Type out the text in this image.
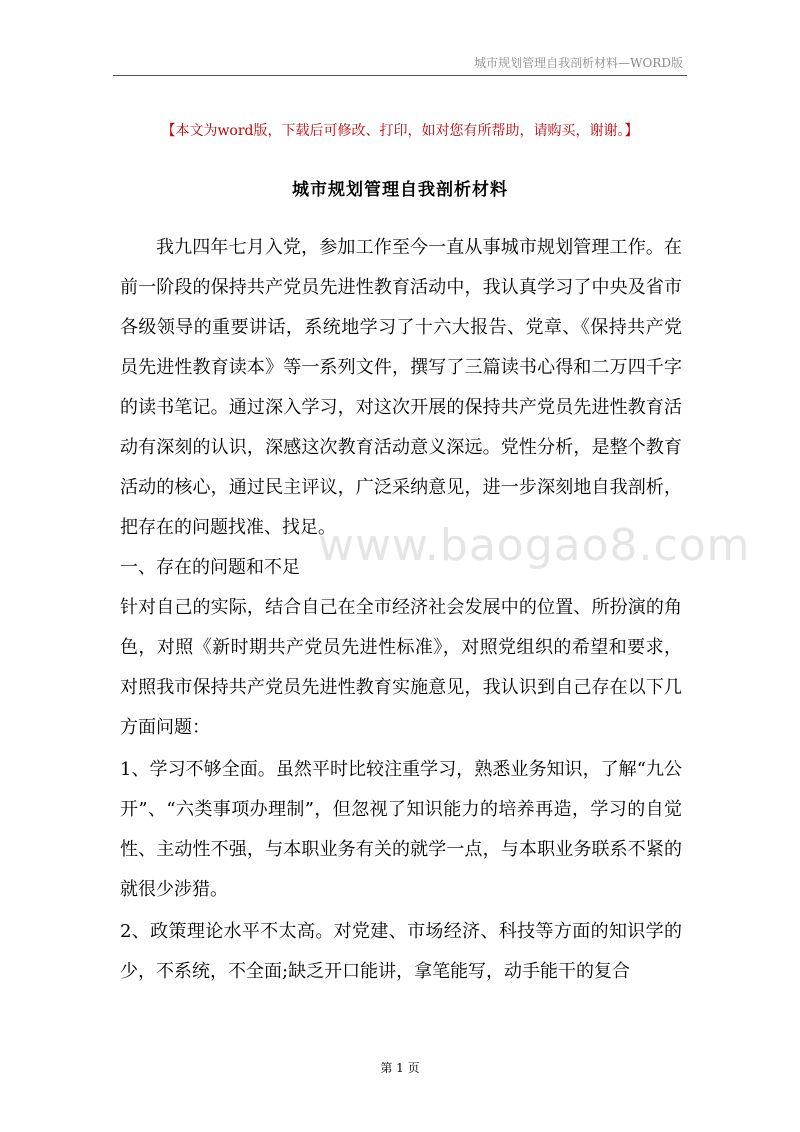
城市规划管理自我剖析材料—WORD版
【本文为word版，下载后可修改、打印，如对您有所帮助，请购买，谢谢。】
城市规划管理自我剖析材料

我九四年七月入党，参加工作至今一直从事城市规划管理工作。在前一阶段的保持共产党员先进性教育活动中，我认真学习了中央及省市各级领导的重要讲话，系统地学习了十六大报告、党章、《保持共产党员先进性教育读本》等一系列文件，撰写了三篇读书心得和二万四千字的读书笔记。通过深入学习，对这次开展的保持共产党员先进性教育活动有深刻的认识，深感这次教育活动意义深远。党性分析，是整个教育活动的核心，通过民主评议，广泛采纳意见，进一步深刻地自我剖析，把存在的问题找准、找足。

一、存在的问题和不足

针对自己的实际，结合自己在全市经济社会发展中的位置、所扮演的角色，对照《新时期共产党员先进性标准》，对照党组织的希望和要求，对照我市保持共产党员先进性教育实施意见，我认识到自己存在以下几方面问题：

1、学习不够全面。虽然平时比较注重学习，熟悉业务知识，了解“九公开”、“六类事项办理制”，但忽视了知识能力的培养再造，学习的自觉性、主动性不强，与本职业务有关的就学一点，与本职业务联系不紧的就很少涉猎。

2、政策理论水平不太高。对党建、市场经济、科技等方面的知识学的少，不系统，不全面;缺乏开口能讲，拿笔能写，动手能干的复合

www.baogao8.com
第 1 页
